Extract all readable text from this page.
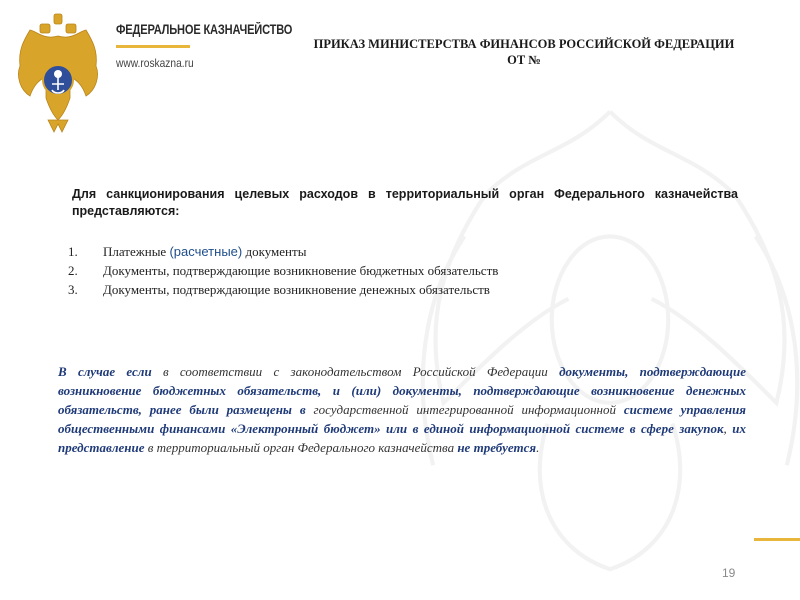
ФЕДЕРАЛЬНОЕ КАЗНАЧЕЙСТВО
www.roskazna.ru
ПРИКАЗ МИНИСТЕРСТВА ФИНАНСОВ РОССИЙСКОЙ ФЕДЕРАЦИИ
ОТ №
Для санкционирования целевых расходов в территориальный орган Федерального казначейства представляются:
1. Платежные (расчетные) документы
2. Документы, подтверждающие возникновение бюджетных обязательств
3. Документы, подтверждающие возникновение денежных обязательств
В случае если в соответствии с законодательством Российской Федерации документы, подтверждающие возникновение бюджетных обязательств, и (или) документы, подтверждающие возникновение денежных обязательств, ранее были размещены в государственной интегрированной информационной системе управления общественными финансами «Электронный бюджет» или в единой информационной системе в сфере закупок, их представление в территориальный орган Федерального казначейства не требуется.
19
